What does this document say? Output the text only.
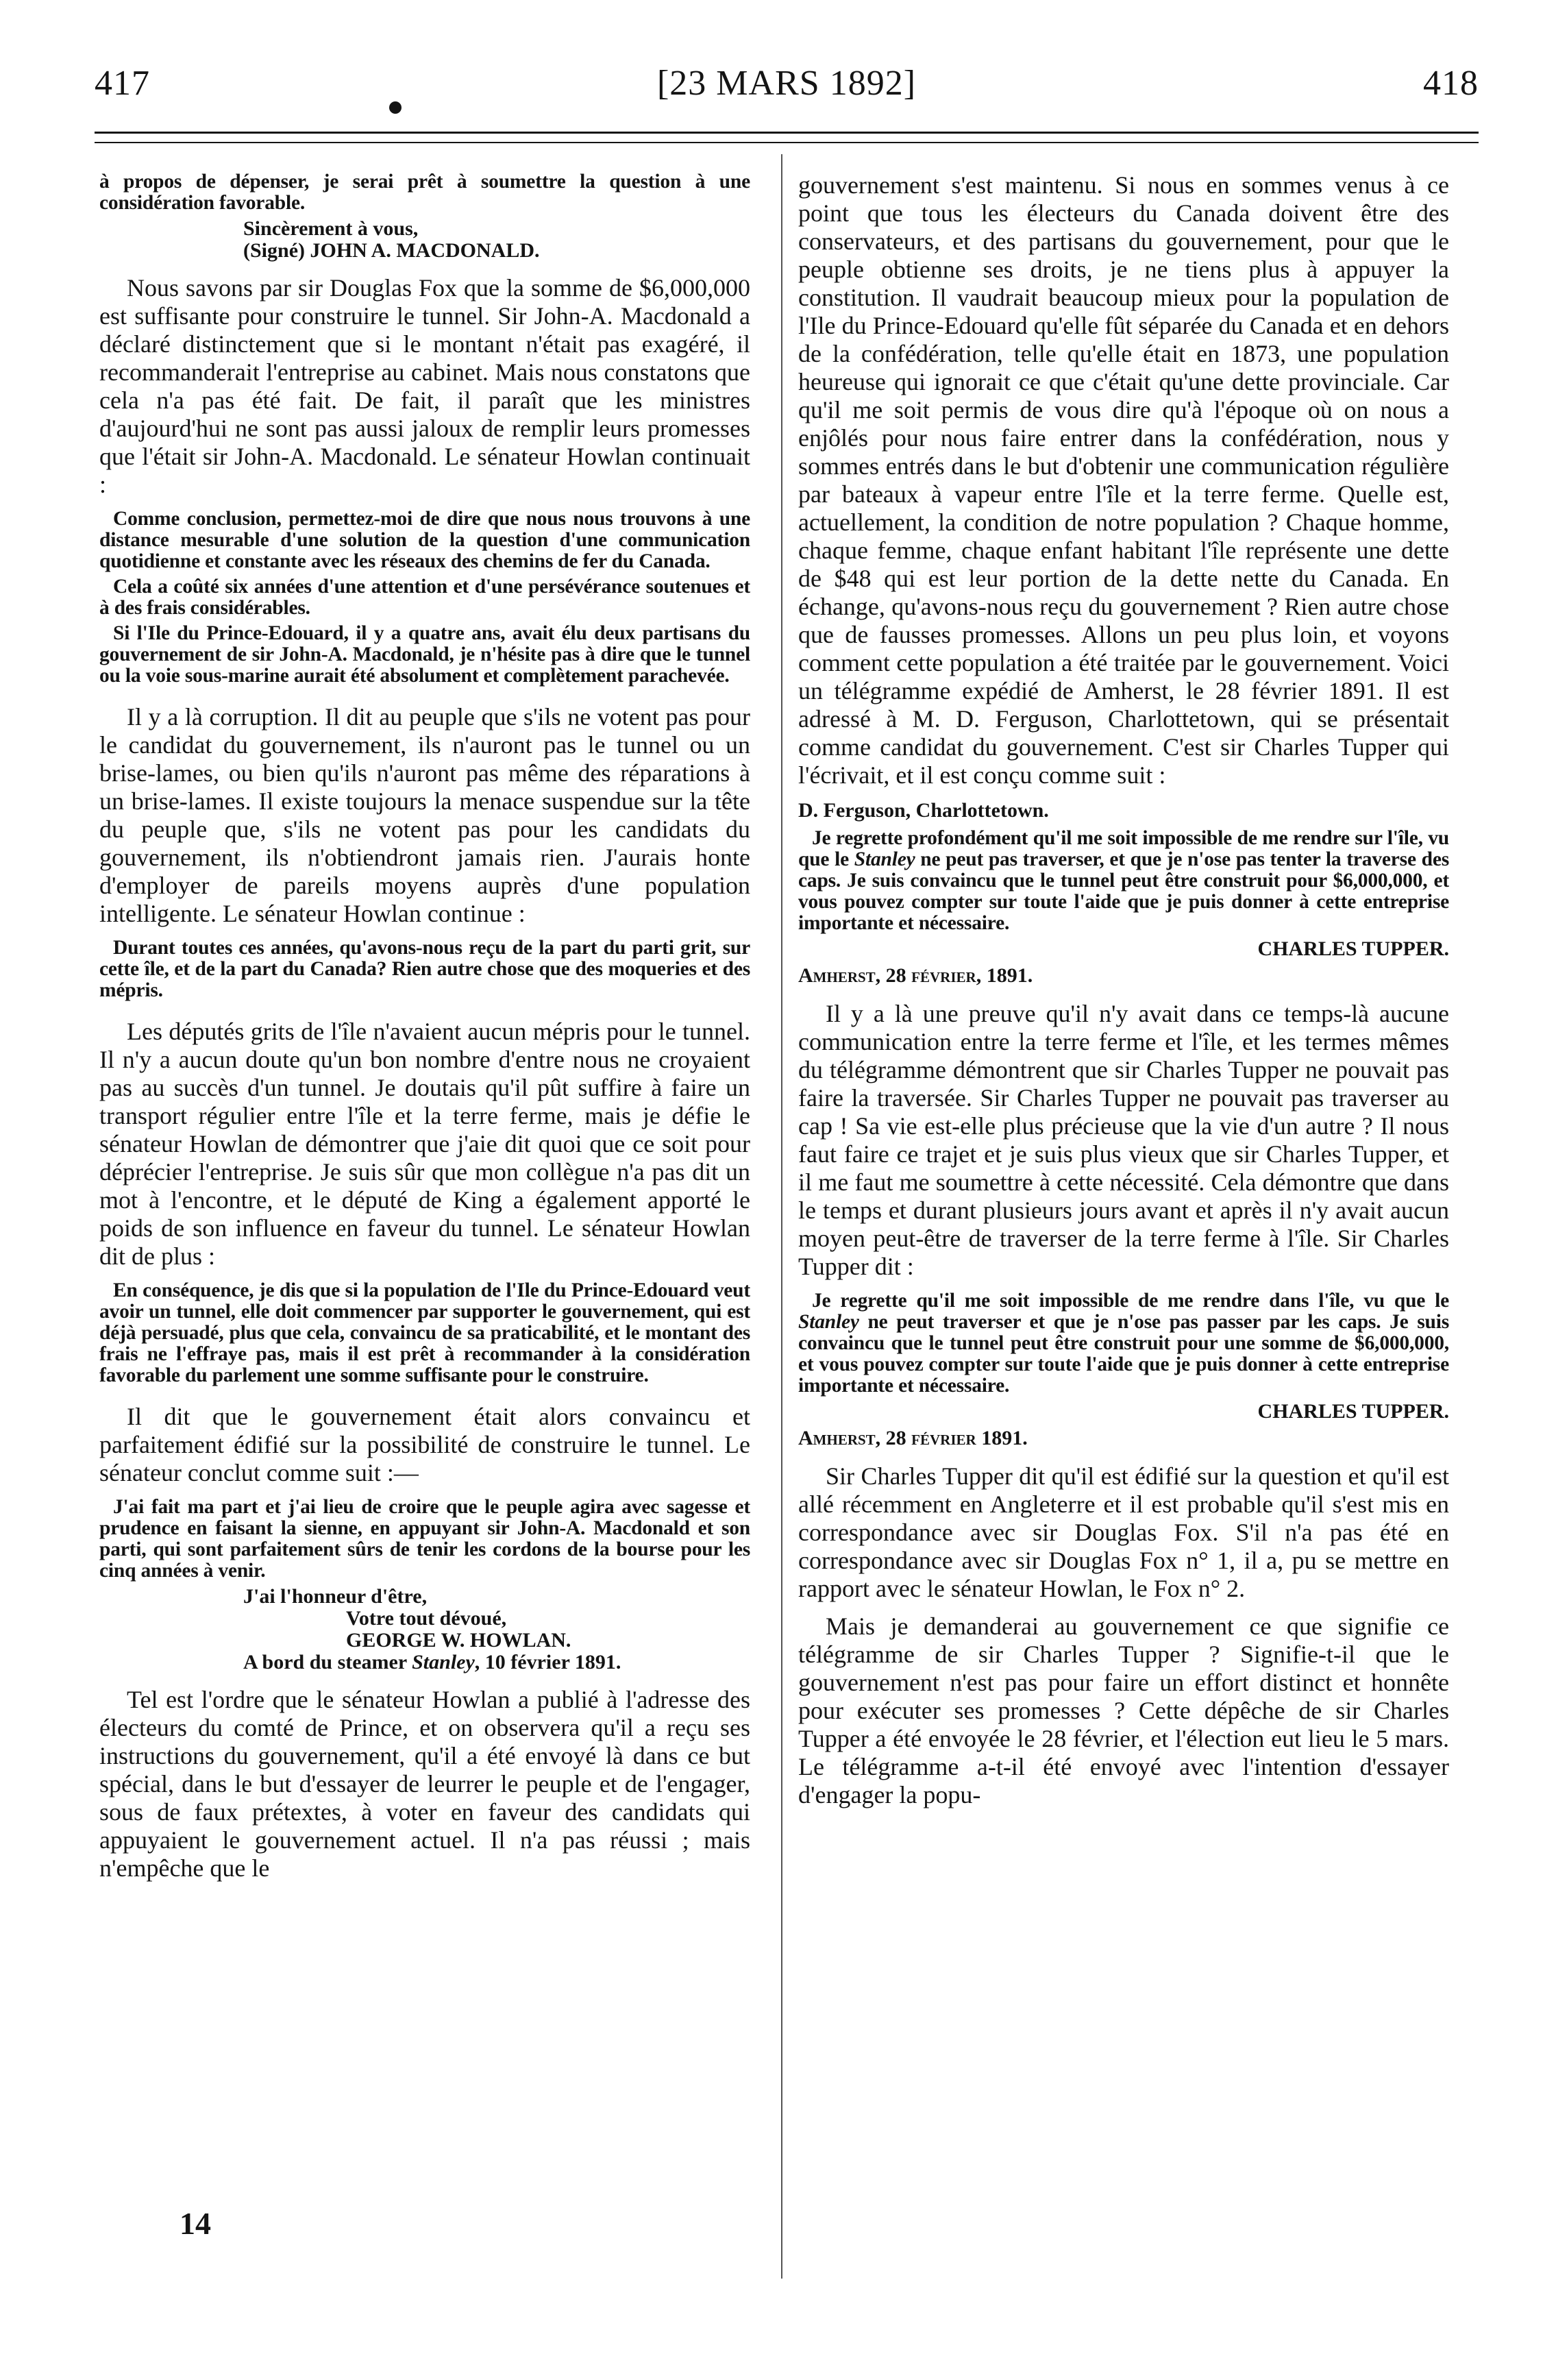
417	[23 MARS 1892]	418

à propos de dépenser, je serai prêt à soumettre la question à une considération favorable.

Sincèrement à vous,

(Signé) JOHN A. MACDONALD.

Nous savons par sir Douglas Fox que la somme de $6,000,000 est suffisante pour construire le tunnel. Sir John-A. Macdonald a déclaré distinctement que si le montant n'était pas exagéré, il recommanderait l'entreprise au cabinet. Mais nous constatons que cela n'a pas été fait. De fait, il paraît que les ministres d'aujourd'hui ne sont pas aussi jaloux de remplir leurs promesses que l'était sir John-A. Macdonald. Le sénateur Howlan continuait :

Comme conclusion, permettez-moi de dire que nous nous trouvons à une distance mesurable d'une solution de la question d'une communication quotidienne et constante avec les réseaux des chemins de fer du Canada.

Cela a coûté six années d'une attention et d'une persévérance soutenues et à des frais considérables.

Si l'Ile du Prince-Edouard, il y a quatre ans, avait élu deux partisans du gouvernement de sir John-A. Macdonald, je n'hésite pas à dire que le tunnel ou la voie sous-marine aurait été absolument et complètement parachevée.

Il y a là corruption. Il dit au peuple que s'ils ne votent pas pour le candidat du gouvernement, ils n'auront pas le tunnel ou un brise-lames, ou bien qu'ils n'auront pas même des réparations à un brise-lames. Il existe toujours la menace suspendue sur la tête du peuple que, s'ils ne votent pas pour les candidats du gouvernement, ils n'obtiendront jamais rien. J'aurais honte d'employer de pareils moyens auprès d'une population intelligente. Le sénateur Howlan continue :

Durant toutes ces années, qu'avons-nous reçu de la part du parti grit, sur cette île, et de la part du Canada? Rien autre chose que des moqueries et des mépris.

Les députés grits de l'île n'avaient aucun mépris pour le tunnel. Il n'y a aucun doute qu'un bon nombre d'entre nous ne croyaient pas au succès d'un tunnel. Je doutais qu'il pût suffire à faire un transport régulier entre l'île et la terre ferme, mais je défie le sénateur Howlan de démontrer que j'aie dit quoi que ce soit pour déprécier l'entreprise. Je suis sûr que mon collègue n'a pas dit un mot à l'encontre, et le député de King a également apporté le poids de son influence en faveur du tunnel. Le sénateur Howlan dit de plus :

En conséquence, je dis que si la population de l'Ile du Prince-Edouard veut avoir un tunnel, elle doit commencer par supporter le gouvernement, qui est déjà persuadé, plus que cela, convaincu de sa praticabilité, et le montant des frais ne l'effraye pas, mais il est prêt à recommander à la considération favorable du parlement une somme suffisante pour le construire.

Il dit que le gouvernement était alors convaincu et parfaitement édifié sur la possibilité de construire le tunnel. Le sénateur conclut comme suit :—

J'ai fait ma part et j'ai lieu de croire que le peuple agira avec sagesse et prudence en faisant la sienne, en appuyant sir John-A. Macdonald et son parti, qui sont parfaitement sûrs de tenir les cordons de la bourse pour les cinq années à venir.

J'ai l'honneur d'être,

Votre tout dévoué,

GEORGE W. HOWLAN.

A bord du steamer Stanley, 10 février 1891.

Tel est l'ordre que le sénateur Howlan a publié à l'adresse des électeurs du comté de Prince, et on observera qu'il a reçu ses instructions du gouvernement, qu'il a été envoyé là dans ce but spécial, dans le but d'essayer de leurrer le peuple et de l'engager, sous de faux prétextes, à voter en faveur des candidats qui appuyaient le gouvernement actuel. Il n'a pas réussi ; mais n'empêche que le

gouvernement s'est maintenu. Si nous en sommes venus à ce point que tous les électeurs du Canada doivent être des conservateurs, et des partisans du gouvernement, pour que le peuple obtienne ses droits, je ne tiens plus à appuyer la constitution. Il vaudrait beaucoup mieux pour la population de l'Ile du Prince-Edouard qu'elle fût séparée du Canada et en dehors de la confédération, telle qu'elle était en 1873, une population heureuse qui ignorait ce que c'était qu'une dette provinciale. Car qu'il me soit permis de vous dire qu'à l'époque où on nous a enjôlés pour nous faire entrer dans la confédération, nous y sommes entrés dans le but d'obtenir une communication régulière par bateaux à vapeur entre l'île et la terre ferme. Quelle est, actuellement, la condition de notre population ? Chaque homme, chaque femme, chaque enfant habitant l'île représente une dette de $48 qui est leur portion de la dette nette du Canada. En échange, qu'avons-nous reçu du gouvernement ? Rien autre chose que de fausses promesses. Allons un peu plus loin, et voyons comment cette population a été traitée par le gouvernement. Voici un télégramme expédié de Amherst, le 28 février 1891. Il est adressé à M. D. Ferguson, Charlottetown, qui se présentait comme candidat du gouvernement. C'est sir Charles Tupper qui l'écrivait, et il est conçu comme suit :

D. Ferguson, Charlottetown.

Je regrette profondément qu'il me soit impossible de me rendre sur l'île, vu que le Stanley ne peut pas traverser, et que je n'ose pas tenter la traverse des caps. Je suis convaincu que le tunnel peut être construit pour $6,000,000, et vous pouvez compter sur toute l'aide que je puis donner à cette entreprise importante et nécessaire.

CHARLES TUPPER.

Amherst, 28 février, 1891.

Il y a là une preuve qu'il n'y avait dans ce temps-là aucune communication entre la terre ferme et l'île, et les termes mêmes du télégramme démontrent que sir Charles Tupper ne pouvait pas faire la traversée. Sir Charles Tupper ne pouvait pas traverser au cap ! Sa vie est-elle plus précieuse que la vie d'un autre ? Il nous faut faire ce trajet et je suis plus vieux que sir Charles Tupper, et il me faut me soumettre à cette nécessité. Cela démontre que dans le temps et durant plusieurs jours avant et après il n'y avait aucun moyen peut-être de traverser de la terre ferme à l'île. Sir Charles Tupper dit :

Je regrette qu'il me soit impossible de me rendre dans l'île, vu que le Stanley ne peut traverser et que je n'ose pas passer par les caps. Je suis convaincu que le tunnel peut être construit pour une somme de $6,000,000, et vous pouvez compter sur toute l'aide que je puis donner à cette entreprise importante et nécessaire.

CHARLES TUPPER.

Amherst, 28 février 1891.

Sir Charles Tupper dit qu'il est édifié sur la question et qu'il est allé récemment en Angleterre et il est probable qu'il s'est mis en correspondance avec sir Douglas Fox. S'il n'a pas été en correspondance avec sir Douglas Fox n° 1, il a, pu se mettre en rapport avec le sénateur Howlan, le Fox n° 2.

Mais je demanderai au gouvernement ce que signifie ce télégramme de sir Charles Tupper ? Signifie-t-il que le gouvernement n'est pas pour faire un effort distinct et honnête pour exécuter ses promesses ? Cette dépêche de sir Charles Tupper a été envoyée le 28 février, et l'élection eut lieu le 5 mars. Le télégramme a-t-il été envoyé avec l'intention d'essayer d'engager la popu-

14
